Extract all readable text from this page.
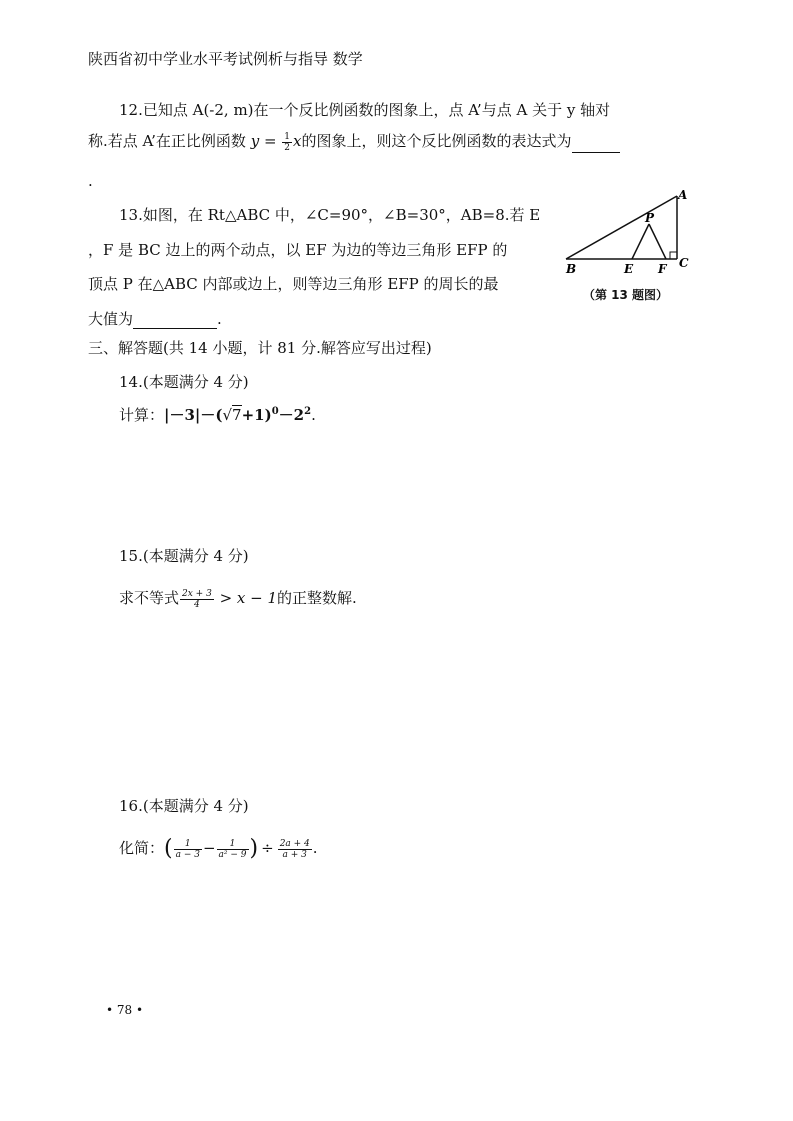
陕西省初中学业水平考试例析与指导 数学
12.已知点 A(-2, m)在一个反比例函数的图象上，点 A’与点 A 关于 y 轴对
称.若点 A’在正比例函数 $y = \frac{1}{2}$ x的图象上，则这个反比例函数的表达式为
.
13.如图，在 Rt△ABC 中，∠C=90°，∠B=30°，AB=8.若 E
，F 是 BC 边上的两个动点，以 EF 为边的等边三角形 EFP 的
顶点 P 在△ABC 内部或边上，则等边三角形 EFP 的周长的最
大值为	.
A
P
B	E F C
（第 13 题图）
三、解答题(共 14 小题，计 81 分.解答应写出过程)
14.(本题满分 4 分)
计算：$|-3|-(√7+1)^0-2^2$.
15.(本题满分 4 分)
求不等式 $\frac{2x + 3}{4} > x - 1$的正整数解.
16.(本题满分 4 分)
化简：( $\frac{1}{a - 3} - \frac{1}{\text{a² − 9}}$ ) ÷ $\frac{2a + 4}{a + 3}$ .
• 78 •
